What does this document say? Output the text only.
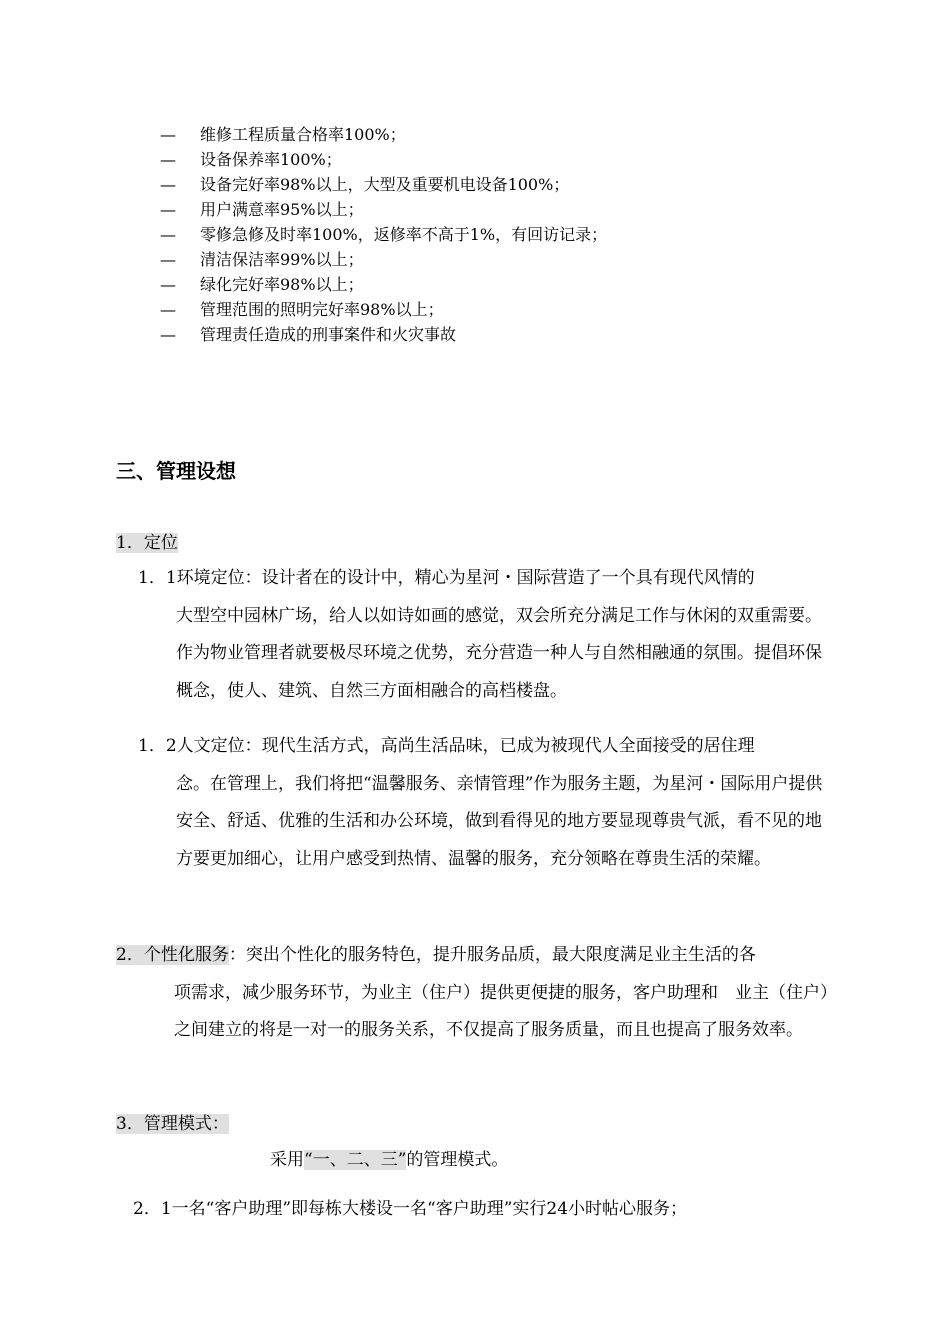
— 维修工程质量合格率100%；
— 设备保养率100%；
— 设备完好率98%以上，大型及重要机电设备100%；
— 用户满意率95%以上；
— 零修急修及时率100%，返修率不高于1%，有回访记录；
— 清洁保洁率99%以上；
— 绿化完好率98%以上；
— 管理范围的照明完好率98%以上；
— 管理责任造成的刑事案件和火灾事故
三、管理设想
1．定位
1．1环境定位：设计者在的设计中，精心为星河・国际营造了一个具有现代风情的
大型空中园林广场，给人以如诗如画的感觉，双会所充分满足工作与休闲的双重需要。作为物业管理者就要极尽环境之优势，充分营造一种人与自然相融通的氛围。提倡环保概念，使人、建筑、自然三方面相融合的高档楼盘。
1．2人文定位：现代生活方式，高尚生活品味，已成为被现代人全面接受的居住理
念。在管理上，我们将把“温馨服务、亲情管理”作为服务主题，为星河・国际用户提供安全、舒适、优雅的生活和办公环境，做到看得见的地方要显现尊贵气派，看不见的地方要更加细心，让用户感受到热情、温馨的服务，充分领略在尊贵生活的荣耀。
2．个性化服务：突出个性化的服务特色，提升服务品质，最大限度满足业主生活的各
项需求，减少服务环节，为业主（住户）提供更便捷的服务，客户助理和　业主（住户）之间建立的将是一对一的服务关系，不仅提高了服务质量，而且也提高了服务效率。
3．管理模式：
采用“一、二、三”的管理模式。
2．1一名“客户助理”即每栋大楼设一名“客户助理”实行24小时帖心服务；
